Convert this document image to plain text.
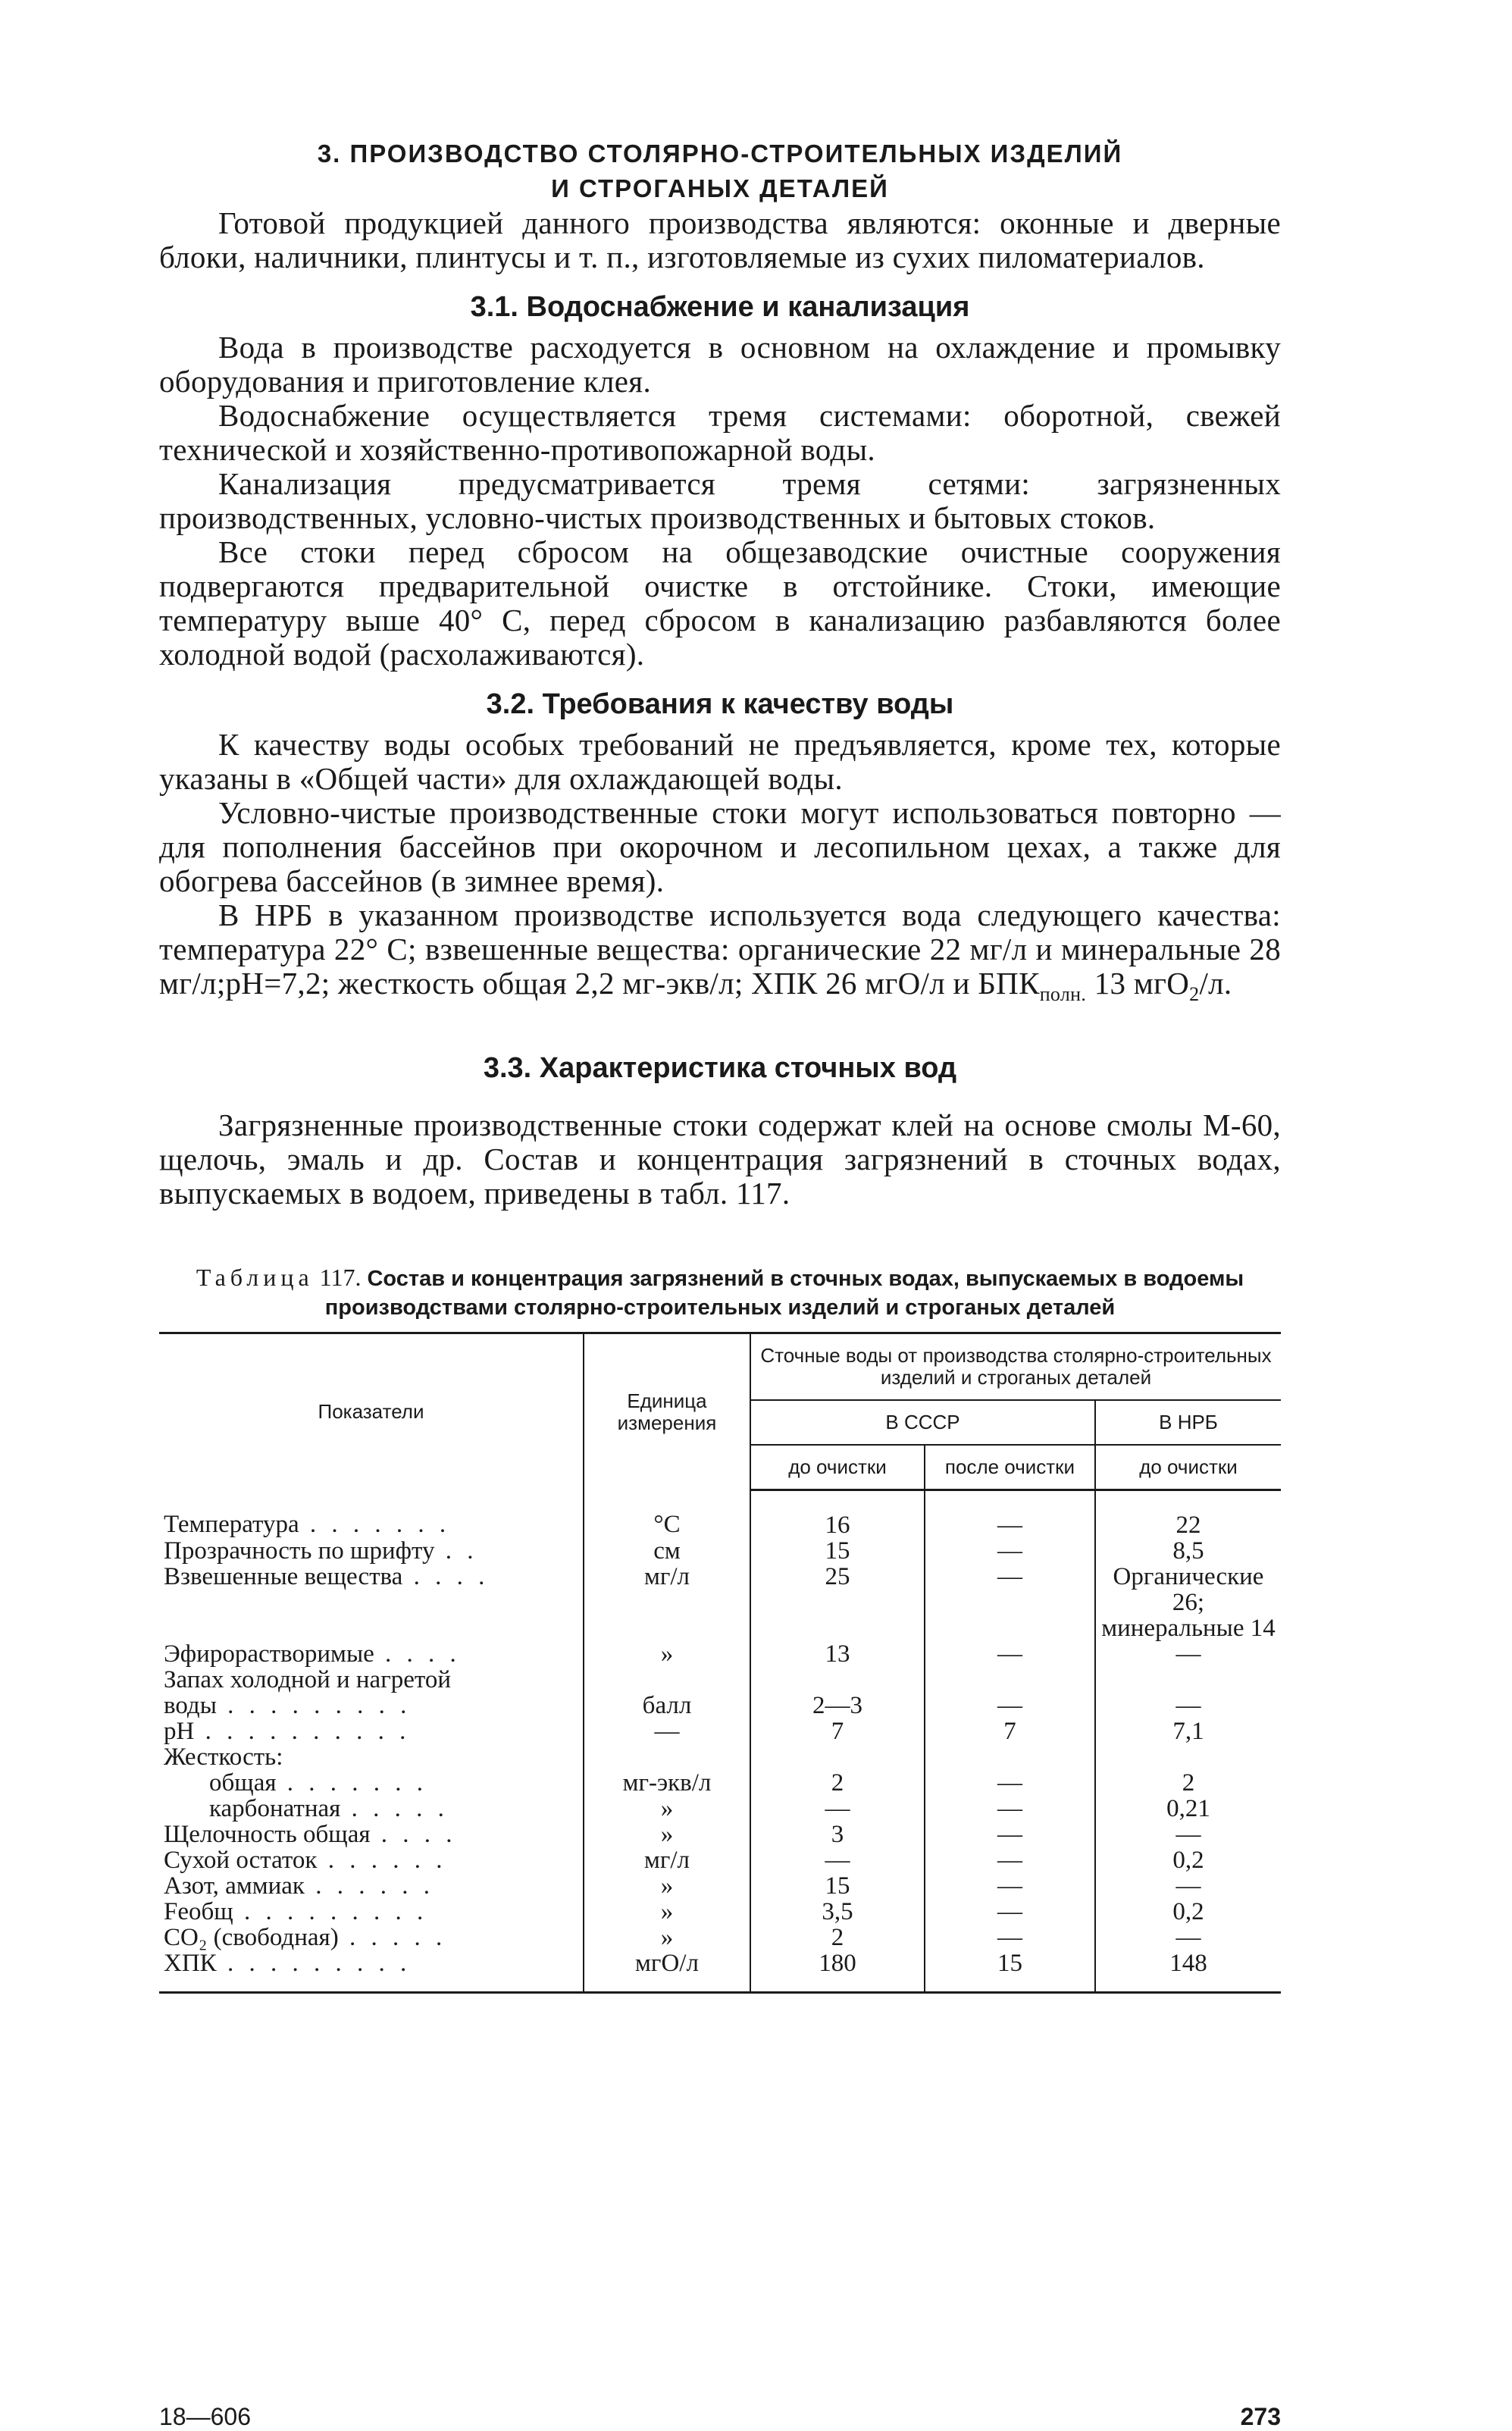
3. ПРОИЗВОДСТВО СТОЛЯРНО-СТРОИТЕЛЬНЫХ ИЗДЕЛИЙ
И СТРОГАНЫХ ДЕТАЛЕЙ

Готовой продукцией данного производства являются: оконные и дверные блоки, наличники, плинтусы и т. п., изготовляемые из сухих пиломатериалов.

3.1. Водоснабжение и канализация

Вода в производстве расходуется в основном на охлаждение и промывку оборудования и приготовление клея.

Водоснабжение осуществляется тремя системами: оборотной, свежей технической и хозяйственно-противопожарной воды.

Канализация предусматривается тремя сетями: загрязненных производственных, условно-чистых производственных и бытовых стоков.

Все стоки перед сбросом на общезаводские очистные сооружения подвергаются предварительной очистке в отстойнике. Стоки, имеющие температуру выше 40° С, перед сбросом в канализацию разбавляются более холодной водой (расхолаживаются).

3.2. Требования к качеству воды

К качеству воды особых требований не предъявляется, кроме тех, которые указаны в «Общей части» для охлаждающей воды.

Условно-чистые производственные стоки могут использоваться повторно — для пополнения бассейнов при окорочном и лесопильном цехах, а также для обогрева бассейнов (в зимнее время).

В НРБ в указанном производстве используется вода следующего качества: температура 22° С; взвешенные вещества: органические 22 мг/л и минеральные 28 мг/л;pH=7,2; жесткость общая 2,2 мг-экв/л; ХПК 26 мгО/л и $БПК_{полн.}$ 13 мгО$_2$/л.

3.3. Характеристика сточных вод

Загрязненные производственные стоки содержат клей на основе смолы М-60, щелочь, эмаль и др. Состав и концентрация загрязнений в сточных водах, выпускаемых в водоем, приведены в табл. 117.

Таблица 117. Состав и концентрация загрязнений в сточных водах, выпускаемых в водоемы производствами столярно-строительных изделий и строганых деталей
Показатели	Единица измерения	Сточные воды от производства столярно-строительных изделий и строганых деталей		
		В СССР		В НРБ
		до очистки	после очистки	до очистки
Температура . . . . . . .	°С	16	—	22
Прозрачность по шрифту . .	см	15	—	8,5
Взвешенные вещества . . . .	мг/л	25	—	Органические 26; минеральные 14
Эфирорастворимые . . . .	»	13	—	—
Запах холодной и нагретой				
воды . . . . . . . . .	балл	2—3	—	—
рН . . . . . . . . . .	—	7	7	7,1
Жесткость:				
общая . . . . . . .	мг-экв/л	2	—	2
карбонатная . . . . .	»	—	—	0,21
Щелочность общая . . . .	»	3	—	—
Сухой остаток . . . . . .	мг/л	—	—	0,2
Азот, аммиак . . . . . .	»	15	—	—
Feобщ . . . . . . . . .	»	3,5	—	0,2
СО₂ (свободная) . . . . .	»	2	—	—
ХПК . . . . . . . . .	мгО/л	180	15	148
18—606	273
